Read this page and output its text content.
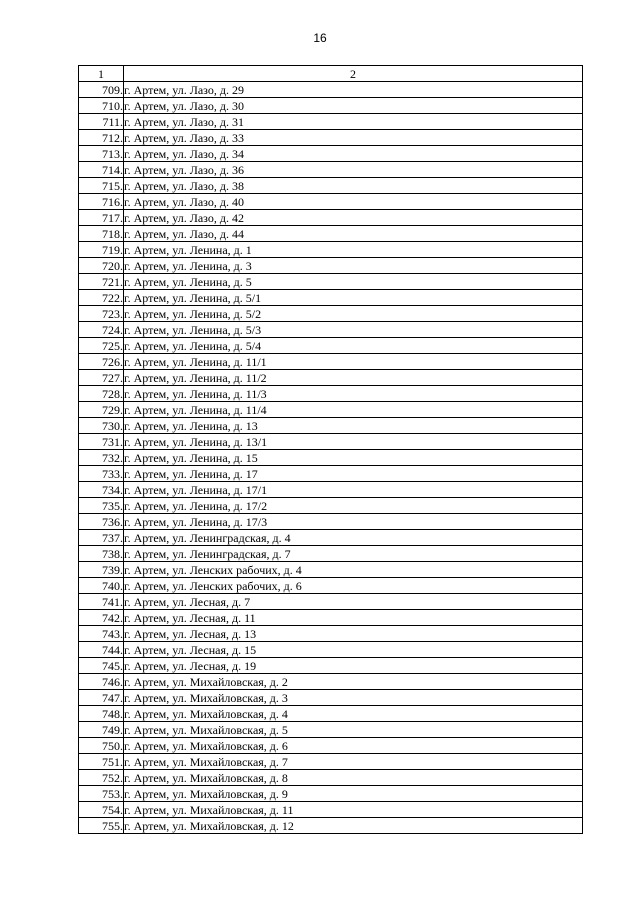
16
1	2
709.	г. Артем, ул. Лазо, д. 29
710.	г. Артем, ул. Лазо, д. 30
711.	г. Артем, ул. Лазо, д. 31
712.	г. Артем, ул. Лазо, д. 33
713.	г. Артем, ул. Лазо, д. 34
714.	г. Артем, ул. Лазо, д. 36
715.	г. Артем, ул. Лазо, д. 38
716.	г. Артем, ул. Лазо, д. 40
717.	г. Артем, ул. Лазо, д. 42
718.	г. Артем, ул. Лазо, д. 44
719.	г. Артем, ул. Ленина, д. 1
720.	г. Артем, ул. Ленина, д. 3
721.	г. Артем, ул. Ленина, д. 5
722.	г. Артем, ул. Ленина, д. 5/1
723.	г. Артем, ул. Ленина, д. 5/2
724.	г. Артем, ул. Ленина, д. 5/3
725.	г. Артем, ул. Ленина, д. 5/4
726.	г. Артем, ул. Ленина, д. 11/1
727.	г. Артем, ул. Ленина, д. 11/2
728.	г. Артем, ул. Ленина, д. 11/3
729.	г. Артем, ул. Ленина, д. 11/4
730.	г. Артем, ул. Ленина, д. 13
731.	г. Артем, ул. Ленина, д. 13/1
732.	г. Артем, ул. Ленина, д. 15
733.	г. Артем, ул. Ленина, д. 17
734.	г. Артем, ул. Ленина, д. 17/1
735.	г. Артем, ул. Ленина, д. 17/2
736.	г. Артем, ул. Ленина, д. 17/3
737.	г. Артем, ул. Ленинградская, д. 4
738.	г. Артем, ул. Ленинградская, д. 7
739.	г. Артем, ул. Ленских рабочих, д. 4
740.	г. Артем, ул. Ленских рабочих, д. 6
741.	г. Артем, ул. Лесная, д. 7
742.	г. Артем, ул. Лесная, д. 11
743.	г. Артем, ул. Лесная, д. 13
744.	г. Артем, ул. Лесная, д. 15
745.	г. Артем, ул. Лесная, д. 19
746.	г. Артем, ул. Михайловская, д. 2
747.	г. Артем, ул. Михайловская, д. 3
748.	г. Артем, ул. Михайловская, д. 4
749.	г. Артем, ул. Михайловская, д. 5
750.	г. Артем, ул. Михайловская, д. 6
751.	г. Артем, ул. Михайловская, д. 7
752.	г. Артем, ул. Михайловская, д. 8
753.	г. Артем, ул. Михайловская, д. 9
754.	г. Артем, ул. Михайловская, д. 11
755.	г. Артем, ул. Михайловская, д. 12
